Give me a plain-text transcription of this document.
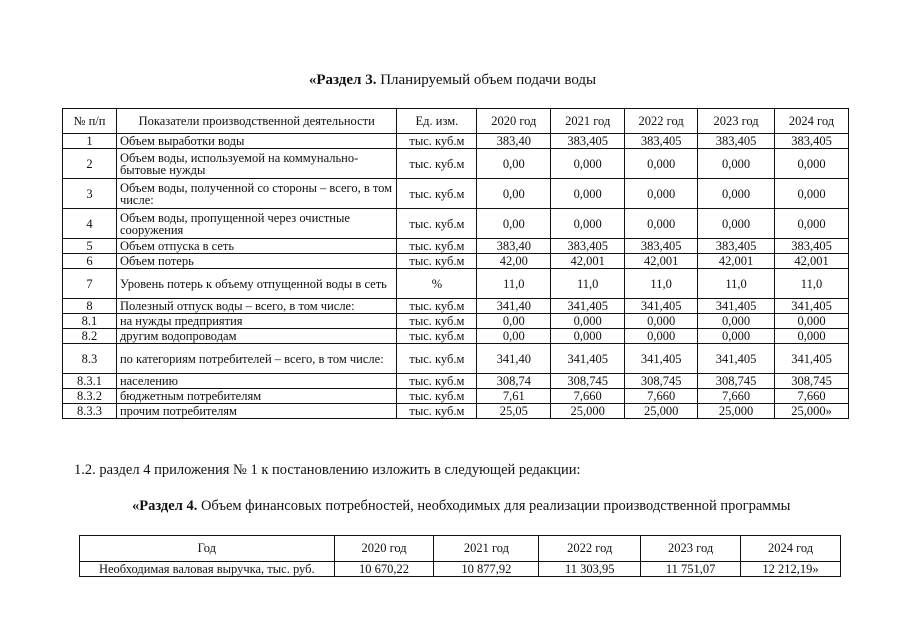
«Раздел 3. Планируемый объем подачи воды
№ п/п	Показатели производственной деятельности	Ед. изм.	2020 год	2021 год	2022 год	2023 год	2024 год
1	Объем выработки воды	тыс. куб.м	383,40	383,405	383,405	383,405	383,405
2	Объем воды, используемой на коммунально-бытовые нужды	тыс. куб.м	0,00	0,000	0,000	0,000	0,000
3	Объем воды, полученной со стороны – всего, в том числе:	тыс. куб.м	0,00	0,000	0,000	0,000	0,000
4	Объем воды, пропущенной через очистные сооружения	тыс. куб.м	0,00	0,000	0,000	0,000	0,000
5	Объем отпуска в сеть	тыс. куб.м	383,40	383,405	383,405	383,405	383,405
6	Объем потерь	тыс. куб.м	42,00	42,001	42,001	42,001	42,001
7	Уровень потерь к объему отпущенной воды в сеть	%	11,0	11,0	11,0	11,0	11,0
8	Полезный отпуск воды – всего, в том числе:	тыс. куб.м	341,40	341,405	341,405	341,405	341,405
8.1	на нужды предприятия	тыс. куб.м	0,00	0,000	0,000	0,000	0,000
8.2	другим водопроводам	тыс. куб.м	0,00	0,000	0,000	0,000	0,000
8.3	по категориям потребителей – всего, в том числе:	тыс. куб.м	341,40	341,405	341,405	341,405	341,405
8.3.1	населению	тыс. куб.м	308,74	308,745	308,745	308,745	308,745
8.3.2	бюджетным потребителям	тыс. куб.м	7,61	7,660	7,660	7,660	7,660
8.3.3	прочим потребителям	тыс. куб.м	25,05	25,000	25,000	25,000	25,000»
1.2. раздел 4 приложения № 1 к постановлению изложить в следующей редакции:
«Раздел 4. Объем финансовых потребностей, необходимых для реализации производственной программы
Год	2020 год	2021 год	2022 год	2023 год	2024 год
Необходимая валовая выручка, тыс. руб.	10 670,22	10 877,92	11 303,95	11 751,07	12 212,19»
